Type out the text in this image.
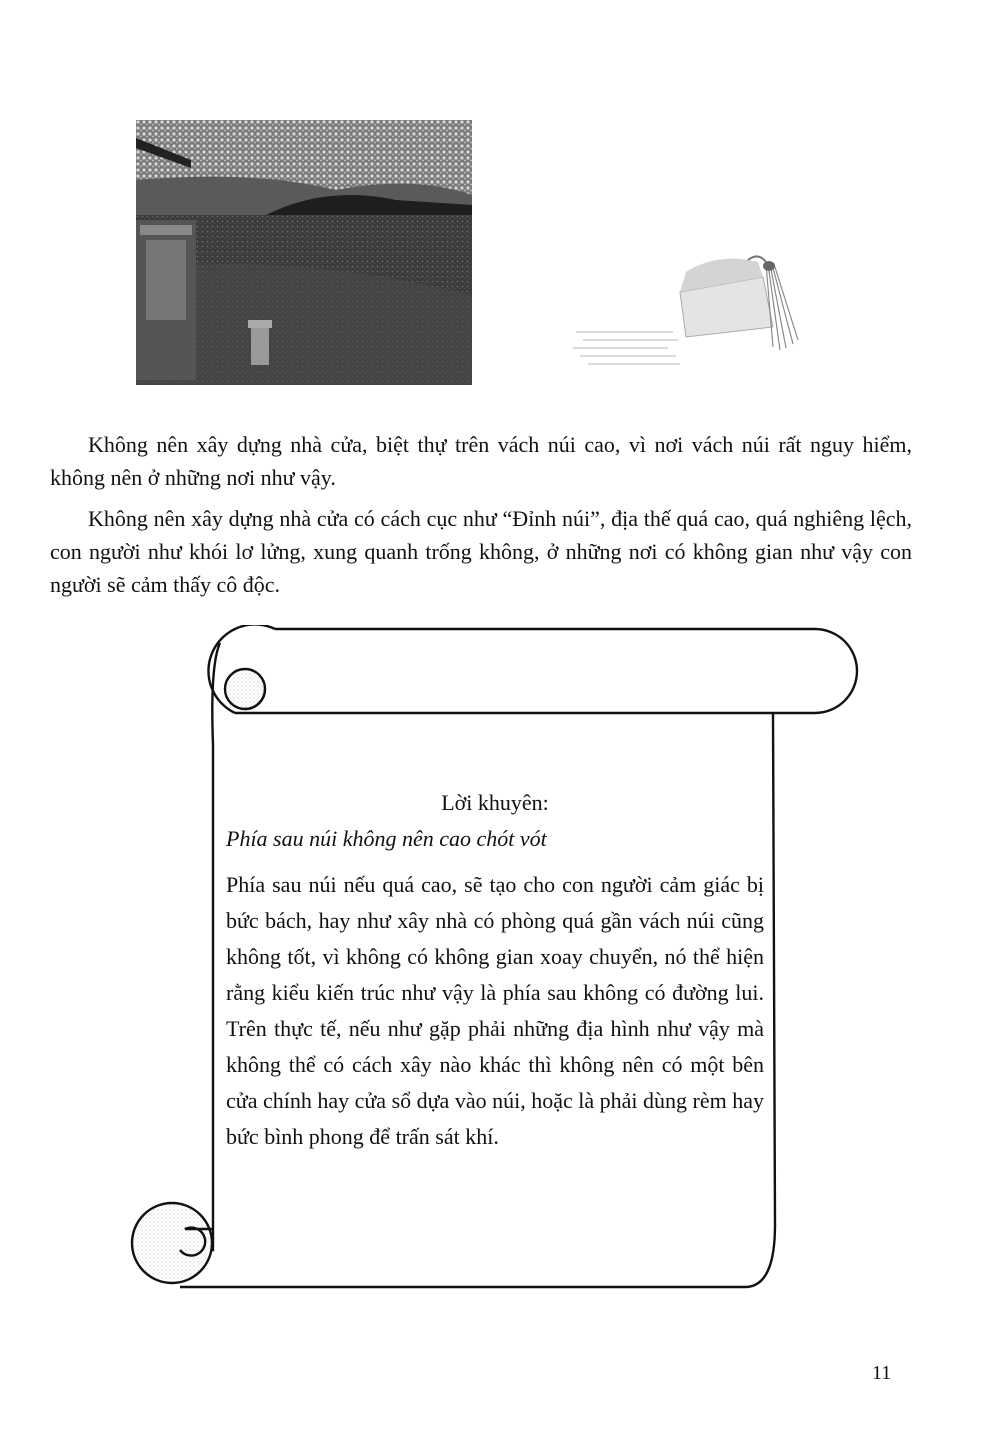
Không nên xây dựng nhà cửa, biệt thự trên vách núi cao, vì nơi vách núi rất nguy hiểm, không nên ở những nơi như vậy.

Không nên xây dựng nhà cửa có cách cục như “Đỉnh núi”, địa thế quá cao, quá nghiêng lệch, con người như khói lơ lửng, xung quanh trống không, ở những nơi có không gian như vậy con người sẽ cảm thấy cô độc.

Lời khuyên:

Phía sau núi không nên cao chót vót

Phía sau núi nếu quá cao, sẽ tạo cho con người cảm giác bị bức bách, hay như xây nhà có phòng quá gần vách núi cũng không tốt, vì không có không gian xoay chuyển, nó thể hiện rằng kiểu kiến trúc như vậy là phía sau không có đường lui. Trên thực tế, nếu như gặp phải những địa hình như vậy mà không thể có cách xây nào khác thì không nên có một bên cửa chính hay cửa sổ dựa vào núi, hoặc là phải dùng rèm hay bức bình phong để trấn sát khí.

11
